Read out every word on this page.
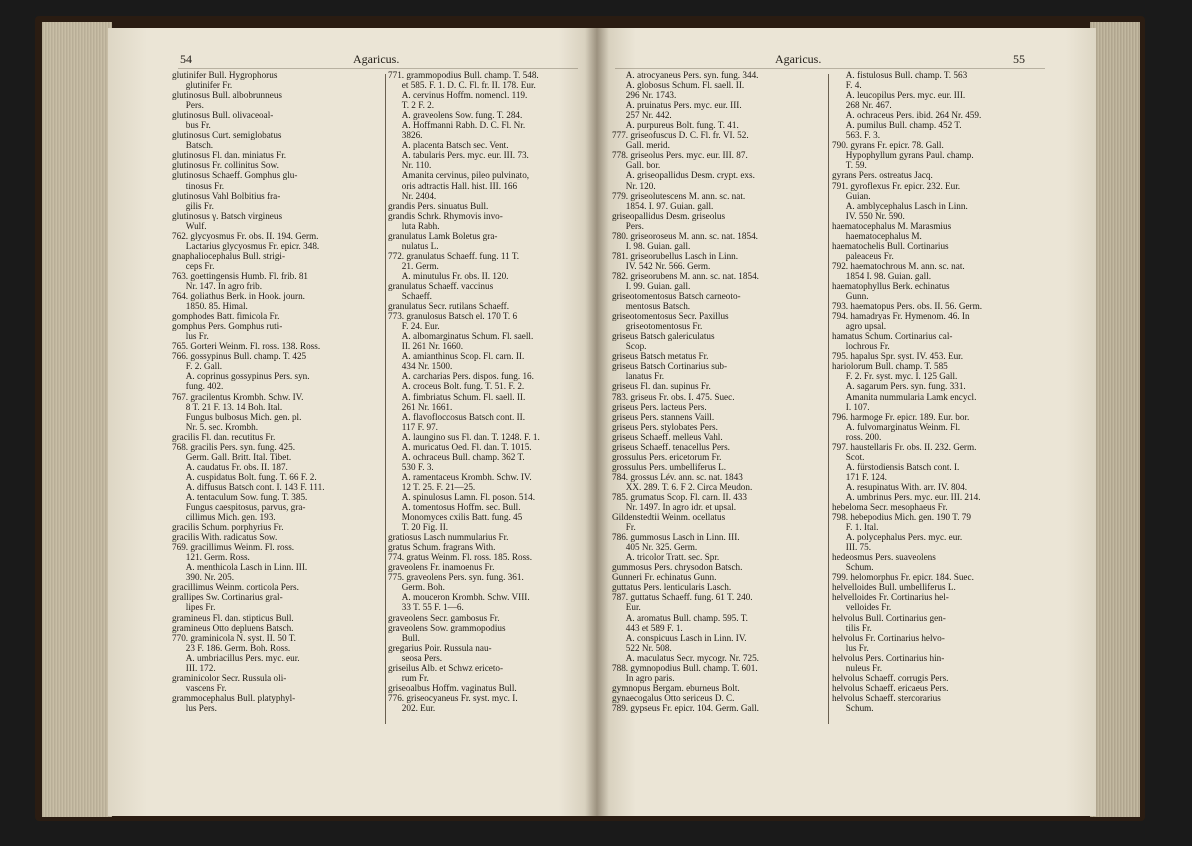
54	Agaricus.	Agaricus.	55
glutinifer Bull. Hygrophorus
  glutinifer Fr.
glutinosus Bull. albobrunneus
  Pers.
glutinosus Bull. olivaceoal-
  bus Fr.
glutinosus Curt. semiglobatus
  Batsch.
glutinosus Fl. dan. miniatus Fr.
glutinosus Fr. collinitus Sow.
glutinosus Schaeff. Gomphus glu-
  tinosus Fr.
glutinosus Vahl Bolbitius fra-
  gilis Fr.
glutinosus γ. Batsch virgineus
  Wulf.
762. glycyosmus Fr. obs. II. 194. Germ.
  Lactarius glycyosmus Fr. epicr. 348.
gnaphaliocephalus Bull. strigi-
  ceps Fr.
763. goettingensis Humb. Fl. frib. 81
  Nr. 147. In agro frib.
764. goliathus Berk. in Hook. journ.
  1850. 85. Himal.
gomphodes Batt. fimicola Fr.
gomphus Pers. Gomphus ruti-
  lus Fr.
765. Gorteri Weinm. Fl. ross. 138. Ross.
766. gossypinus Bull. champ. T. 425
  F. 2. Gall.
  A. coprinus gossypinus Pers. syn.
  fung. 402.
767. gracilentus Krombh. Schw. IV.
  8 T. 21 F. 13. 14 Boh. Ital.
  Fungus bulbosus Mich. gen. pl.
  Nr. 5. sec. Krombh.
gracilis Fl. dan. recutitus Fr.
768. gracilis Pers. syn. fung. 425.
  Germ. Gall. Britt. Ital. Tibet.
  A. caudatus Fr. obs. II. 187.
  A. cuspidatus Bolt. fung. T. 66 F. 2.
  A. diffusus Batsch cont. I. 143 F. 111.
  A. tentaculum Sow. fung. T. 385.
  Fungus caespitosus, parvus, gra-
  cillimus Mich. gen. 193.
gracilis Schum. porphyrius Fr.
gracilis With. radicatus Sow.
769. gracillimus Weinm. Fl. ross.
  121. Germ. Ross.
  A. menthicola Lasch in Linn. III.
  390. Nr. 205.
gracillimus Weinm. corticola Pers.
grallipes Sw. Cortinarius gral-
  lipes Fr.
gramineus Fl. dan. stipticus Bull.
gramineus Otto depluens Batsch.
770. graminicola N. syst. II. 50 T.
  23 F. 186. Germ. Boh. Ross.
  A. umbriacillus Pers. myc. eur.
  III. 172.
graminicolor Secr. Russula oli-
  vascens Fr.
grammocephalus Bull. platyphyl-
  lus Pers.
771. grammopodius Bull. champ. T. 548.
  et 585. F. 1. D. C. Fl. fr. II. 178. Eur.
  A. cervinus Hoffm. nomencl. 119.
  T. 2 F. 2.
  A. graveolens Sow. fung. T. 284.
  A. Hoffmanni Rabh. D. C. Fl. Nr.
  3826.
  A. placenta Batsch sec. Vent.
  A. tabularis Pers. myc. eur. III. 73.
  Nr. 110.
  Amanita cervinus, pileo pulvinato,
  oris adtractis Hall. hist. III. 166
  Nr. 2404.
grandis Pers. sinuatus Bull.
grandis Schrk. Rhymovis invo-
  luta Rabh.
granulatus Lamk Boletus gra-
  nulatus L.
772. granulatus Schaeff. fung. 11 T.
  21. Germ.
  A. minutulus Fr. obs. II. 120.
granulatus Schaeff. vaccinus
  Schaeff.
granulatus Secr. rutilans Schaeff.
773. granulosus Batsch el. 170 T. 6
  F. 24. Eur.
  A. albomarginatus Schum. Fl. saell.
  II. 261 Nr. 1660.
  A. amianthinus Scop. Fl. carn. II.
  434 Nr. 1500.
  A. carcharias Pers. dispos. fung. 16.
  A. croceus Bolt. fung. T. 51. F. 2.
  A. fimbriatus Schum. Fl. saell. II.
  261 Nr. 1661.
  A. flavofloccosus Batsch cont. II.
  117 F. 97.
  A. laungino sus Fl. dan. T. 1248. F. 1.
  A. muricatus Oed. Fl. dan. T. 1015.
  A. ochraceus Bull. champ. 362 T.
  530 F. 3.
  A. ramentaceus Krombh. Schw. IV.
  12 T. 25. F. 21—25.
  A. spinulosus Lamn. Fl. poson. 514.
  A. tomentosus Hoffm. sec. Bull.
  Monomyces cxilis Batt. fung. 45
  T. 20 Fig. II.
gratiosus Lasch nummularius Fr.
gratus Schum. fragrans With.
774. gratus Weinm. Fl. ross. 185. Ross.
graveolens Fr. inamoenus Fr.
775. graveolens Pers. syn. fung. 361.
  Germ. Boh.
  A. mouceron Krombh. Schw. VIII.
  33 T. 55 F. 1—6.
graveolens Secr. gambosus Fr.
graveolens Sow. grammopodius
  Bull.
gregarius Poir. Russula nau-
  seosa Pers.
griseilus Alb. et Schwz ericeto-
  rum Fr.
griseoalbus Hoffm. vaginatus Bull.
776. griseocyaneus Fr. syst. myc. I.
  202. Eur.
  A. atrocyaneus Pers. syn. fung. 344.
  A. globosus Schum. Fl. saell. II.
  296 Nr. 1743.
  A. pruinatus Pers. myc. eur. III.
  257 Nr. 442.
  A. purpureus Bolt. fung. T. 41.
777. griseofuscus D. C. Fl. fr. VI. 52.
  Gall. merid.
778. griseolus Pers. myc. eur. III. 87.
  Gall. bor.
  A. griseopallidus Desm. crypt. exs.
  Nr. 120.
779. griseolutescens M. ann. sc. nat.
  1854. I. 97. Guian. gall.
griseopallidus Desm. griseolus
  Pers.
780. griseoroseus M. ann. sc. nat. 1854.
  I. 98. Guian. gall.
781. griseorubellus Lasch in Linn.
  IV. 542 Nr. 566. Germ.
782. griseorubens M. ann. sc. nat. 1854.
  I. 99. Guian. gall.
griseotomentosus Batsch carneoto-
  mentosus Batsch.
griseotomentosus Secr. Paxillus
  griseotomentosus Fr.
griseus Batsch galericulatus
  Scop.
griseus Batsch metatus Fr.
griseus Batsch Cortinarius sub-
  lanatus Fr.
griseus Fl. dan. supinus Fr.
783. griseus Fr. obs. I. 475. Suec.
griseus Pers. lacteus Pers.
griseus Pers. stannens Vaill.
griseus Pers. stylobates Pers.
griseus Schaeff. melleus Vahl.
griseus Schaeff. tenacellus Pers.
grossulus Pers. ericetorum Fr.
grossulus Pers. umbelliferus L.
784. grossus Lév. ann. sc. nat. 1843
  XX. 289. T. 6. F 2. Circa Meudon.
785. grumatus Scop. Fl. carn. II. 433
  Nr. 1497. In agro idr. et upsal.
Gildenstedtii Weinm. ocellatus
  Fr.
786. gummosus Lasch in Linn. III.
  405 Nr. 325. Germ.
  A. tricolor Tratt. sec. Spr.
gummosus Pers. chrysodon Batsch.
Gunneri Fr. echinatus Gunn.
guttatus Pers. lenticularis Lasch.
787. guttatus Schaeff. fung. 61 T. 240.
  Eur.
  A. aromatus Bull. champ. 595. T.
  443 et 589 F. 1.
  A. conspicuus Lasch in Linn. IV.
  522 Nr. 508.
  A. maculatus Secr. mycogr. Nr. 725.
788. gymnopodius Bull. champ. T. 601.
  In agro paris.
gymnopus Bergam. eburneus Bolt.
gynaecogalus Otto sericeus D. C.
789. gypseus Fr. epicr. 104. Germ. Gall.
  A. fistulosus Bull. champ. T. 563
  F. 4.
  A. leucopilus Pers. myc. eur. III.
  268 Nr. 467.
  A. ochraceus Pers. ibid. 264 Nr. 459.
  A. pumilus Bull. champ. 452 T.
  563. F. 3.
790. gyrans Fr. epicr. 78. Gall.
  Hypophyllum gyrans Paul. champ.
  T. 59.
gyrans Pers. ostreatus Jacq.
791. gyroflexus Fr. epicr. 232. Eur.
  Guian.
  A. amblycephalus Lasch in Linn.
  IV. 550 Nr. 590.
haematocephalus M. Marasmius
  haematocephalus M.
haematochelis Bull. Cortinarius
  paleaceus Fr.
792. haematochrous M. ann. sc. nat.
  1854 I. 98. Guian. gall.
haematophyllus Berk. echinatus
  Gunn.
793. haematopus Pers. obs. II. 56. Germ.
794. hamadryas Fr. Hymenom. 46. In
  agro upsal.
hamatus Schum. Cortinarius cal-
  lochrous Fr.
795. hapalus Spr. syst. IV. 453. Eur.
hariolorum Bull. champ. T. 585
  F. 2. Fr. syst. myc. I. 125 Gall.
  A. sagarum Pers. syn. fung. 331.
  Amanita nummularia Lamk encycl.
  I. 107.
796. harmoge Fr. epicr. 189. Eur. bor.
  A. fulvomarginatus Weinm. Fl.
  ross. 200.
797. haustellaris Fr. obs. II. 232. Germ.
  Scot.
  A. fürstodiensis Batsch cont. I.
  171 F. 124.
  A. resupinatus With. arr. IV. 804.
  A. umbrinus Pers. myc. eur. III. 214.
hebeloma Secr. mesophaeus Fr.
798. hebepodius Mich. gen. 190 T. 79
  F. 1. Ital.
  A. polycephalus Pers. myc. eur.
  III. 75.
hedeosmus Pers. suaveolens
  Schum.
799. helomorphus Fr. epicr. 184. Suec.
helvelloides Bull. umbelliferus L.
helvelloides Fr. Cortinarius hel-
  velloides Fr.
helvolus Bull. Cortinarius gen-
  tilis Fr.
helvolus Fr. Cortinarius helvo-
  lus Fr.
helvolus Pers. Cortinarius hin-
  nuleus Fr.
helvolus Schaeff. corrugis Pers.
helvolus Schaeff. ericaeus Pers.
helvolus Schaeff. stercorarius
  Schum.
